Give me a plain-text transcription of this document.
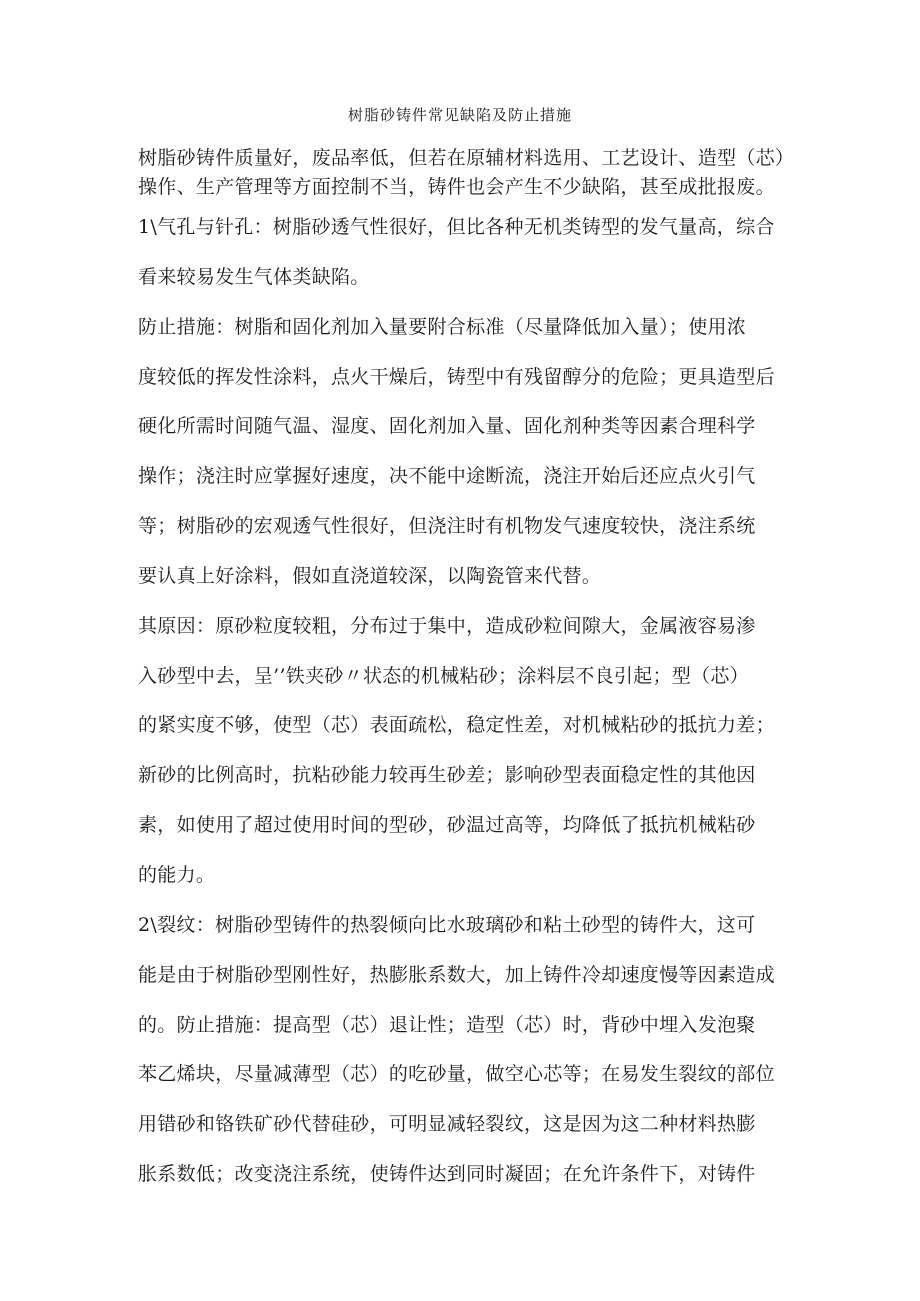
树脂砂铸件常见缺陷及防止措施
树脂砂铸件质量好，废品率低，但若在原辅材料选用、工艺设计、造型（芯）
操作、生产管理等方面控制不当，铸件也会产生不少缺陷，甚至成批报废。
1\气孔与针孔：树脂砂透气性很好，但比各种无机类铸型的发气量高，综合
看来较易发生气体类缺陷。
防止措施：树脂和固化剂加入量要附合标准（尽量降低加入量）；使用浓
度较低的挥发性涂料，点火干燥后，铸型中有残留醇分的危险；更具造型后
硬化所需时间随气温、湿度、固化剂加入量、固化剂种类等因素合理科学
操作；浇注时应掌握好速度，决不能中途断流，浇注开始后还应点火引气
等；树脂砂的宏观透气性很好，但浇注时有机物发气速度较快，浇注系统
要认真上好涂料，假如直浇道较深，以陶瓷管来代替。
其原因：原砂粒度较粗，分布过于集中，造成砂粒间隙大，金属液容易渗
入砂型中去，呈’’铁夹砂〃状态的机械粘砂；涂料层不良引起；型（芯）
的紧实度不够，使型（芯）表面疏松，稳定性差，对机械粘砂的抵抗力差；
新砂的比例高时，抗粘砂能力较再生砂差；影响砂型表面稳定性的其他因
素，如使用了超过使用时间的型砂，砂温过高等，均降低了抵抗机械粘砂
的能力。
2\裂纹：树脂砂型铸件的热裂倾向比水玻璃砂和粘土砂型的铸件大，这可
能是由于树脂砂型刚性好，热膨胀系数大，加上铸件冷却速度慢等因素造成
的。防止措施：提高型（芯）退让性；造型（芯）时，背砂中埋入发泡聚
苯乙烯块，尽量减薄型（芯）的吃砂量，做空心芯等；在易发生裂纹的部位
用错砂和铬铁矿砂代替硅砂，可明显减轻裂纹，这是因为这二种材料热膨
胀系数低；改变浇注系统，使铸件达到同时凝固；在允许条件下，对铸件
